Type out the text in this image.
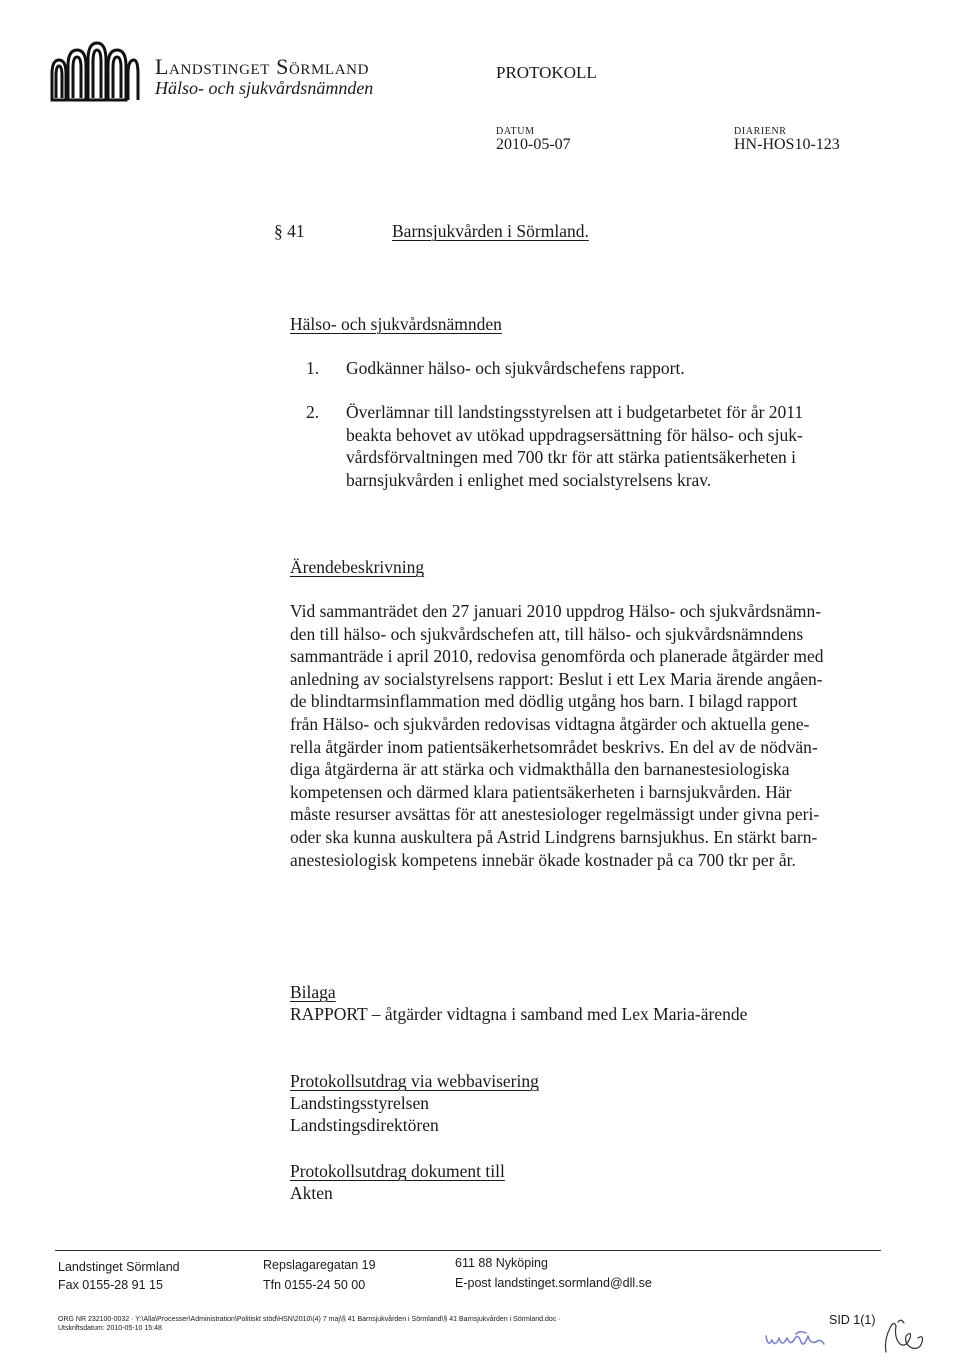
Landstinget Sörmland
Hälso- och sjukvårdsnämnden
PROTOKOLL
DATUM
2010-05-07
DIARIENR
HN-HOS10-123
§ 41	Barnsjukvården i Sörmland.
Hälso- och sjukvårdsnämnden
1.	Godkänner hälso- och sjukvårdschefens rapport.
2.	Överlämnar till landstingsstyrelsen att i budgetarbetet för år 2011
beakta behovet av utökad uppdragsersättning för hälso- och sjuk-
vårdsförvaltningen med 700 tkr för att stärka patientsäkerheten i
barnsjukvården i enlighet med socialstyrelsens krav.
Ärendebeskrivning
Vid sammanträdet den 27 januari 2010 uppdrog Hälso- och sjukvårdsnämn-
den till hälso- och sjukvårdschefen att, till hälso- och sjukvårdsnämndens
sammanträde i april 2010, redovisa genomförda och planerade åtgärder med
anledning av socialstyrelsens rapport: Beslut i ett Lex Maria ärende angåen-
de blindtarmsinflammation med dödlig utgång hos barn. I bilagd rapport
från Hälso- och sjukvården redovisas vidtagna åtgärder och aktuella gene-
rella åtgärder inom patientsäkerhetsområdet beskrivs. En del av de nödvän-
diga åtgärderna är att stärka och vidmakthålla den barnanestesiologiska
kompetensen och därmed klara patientsäkerheten i barnsjukvården. Här
måste resurser avsättas för att anestesiologer regelmässigt under givna peri-
oder ska kunna auskultera på Astrid Lindgrens barnsjukhus. En stärkt barn-
anestesiologisk kompetens innebär ökade kostnader på ca 700 tkr per år.
Bilaga
RAPPORT – åtgärder vidtagna i samband med Lex Maria-ärende
Protokollsutdrag via webbavisering
Landstingsstyrelsen
Landstingsdirektören
Protokollsutdrag dokument till
Akten
Landstinget Sörmland
Fax 0155-28 91 15
Repslagaregatan 19
Tfn 0155-24 50 00
611 88 Nyköping
E-post landstinget.sormland@dll.se
ORG NR 232100-0032 · Y:\Alla\Processer\Administration\Politiskt stöd\HSN\2010\(4) 7 maj\§ 41 Barnsjukvården i Sörmland\§ 41 Barnsjukvården i Sörmland.doc ·
Utskriftsdatum: 2010-05-10 15:48
SID 1(1)
